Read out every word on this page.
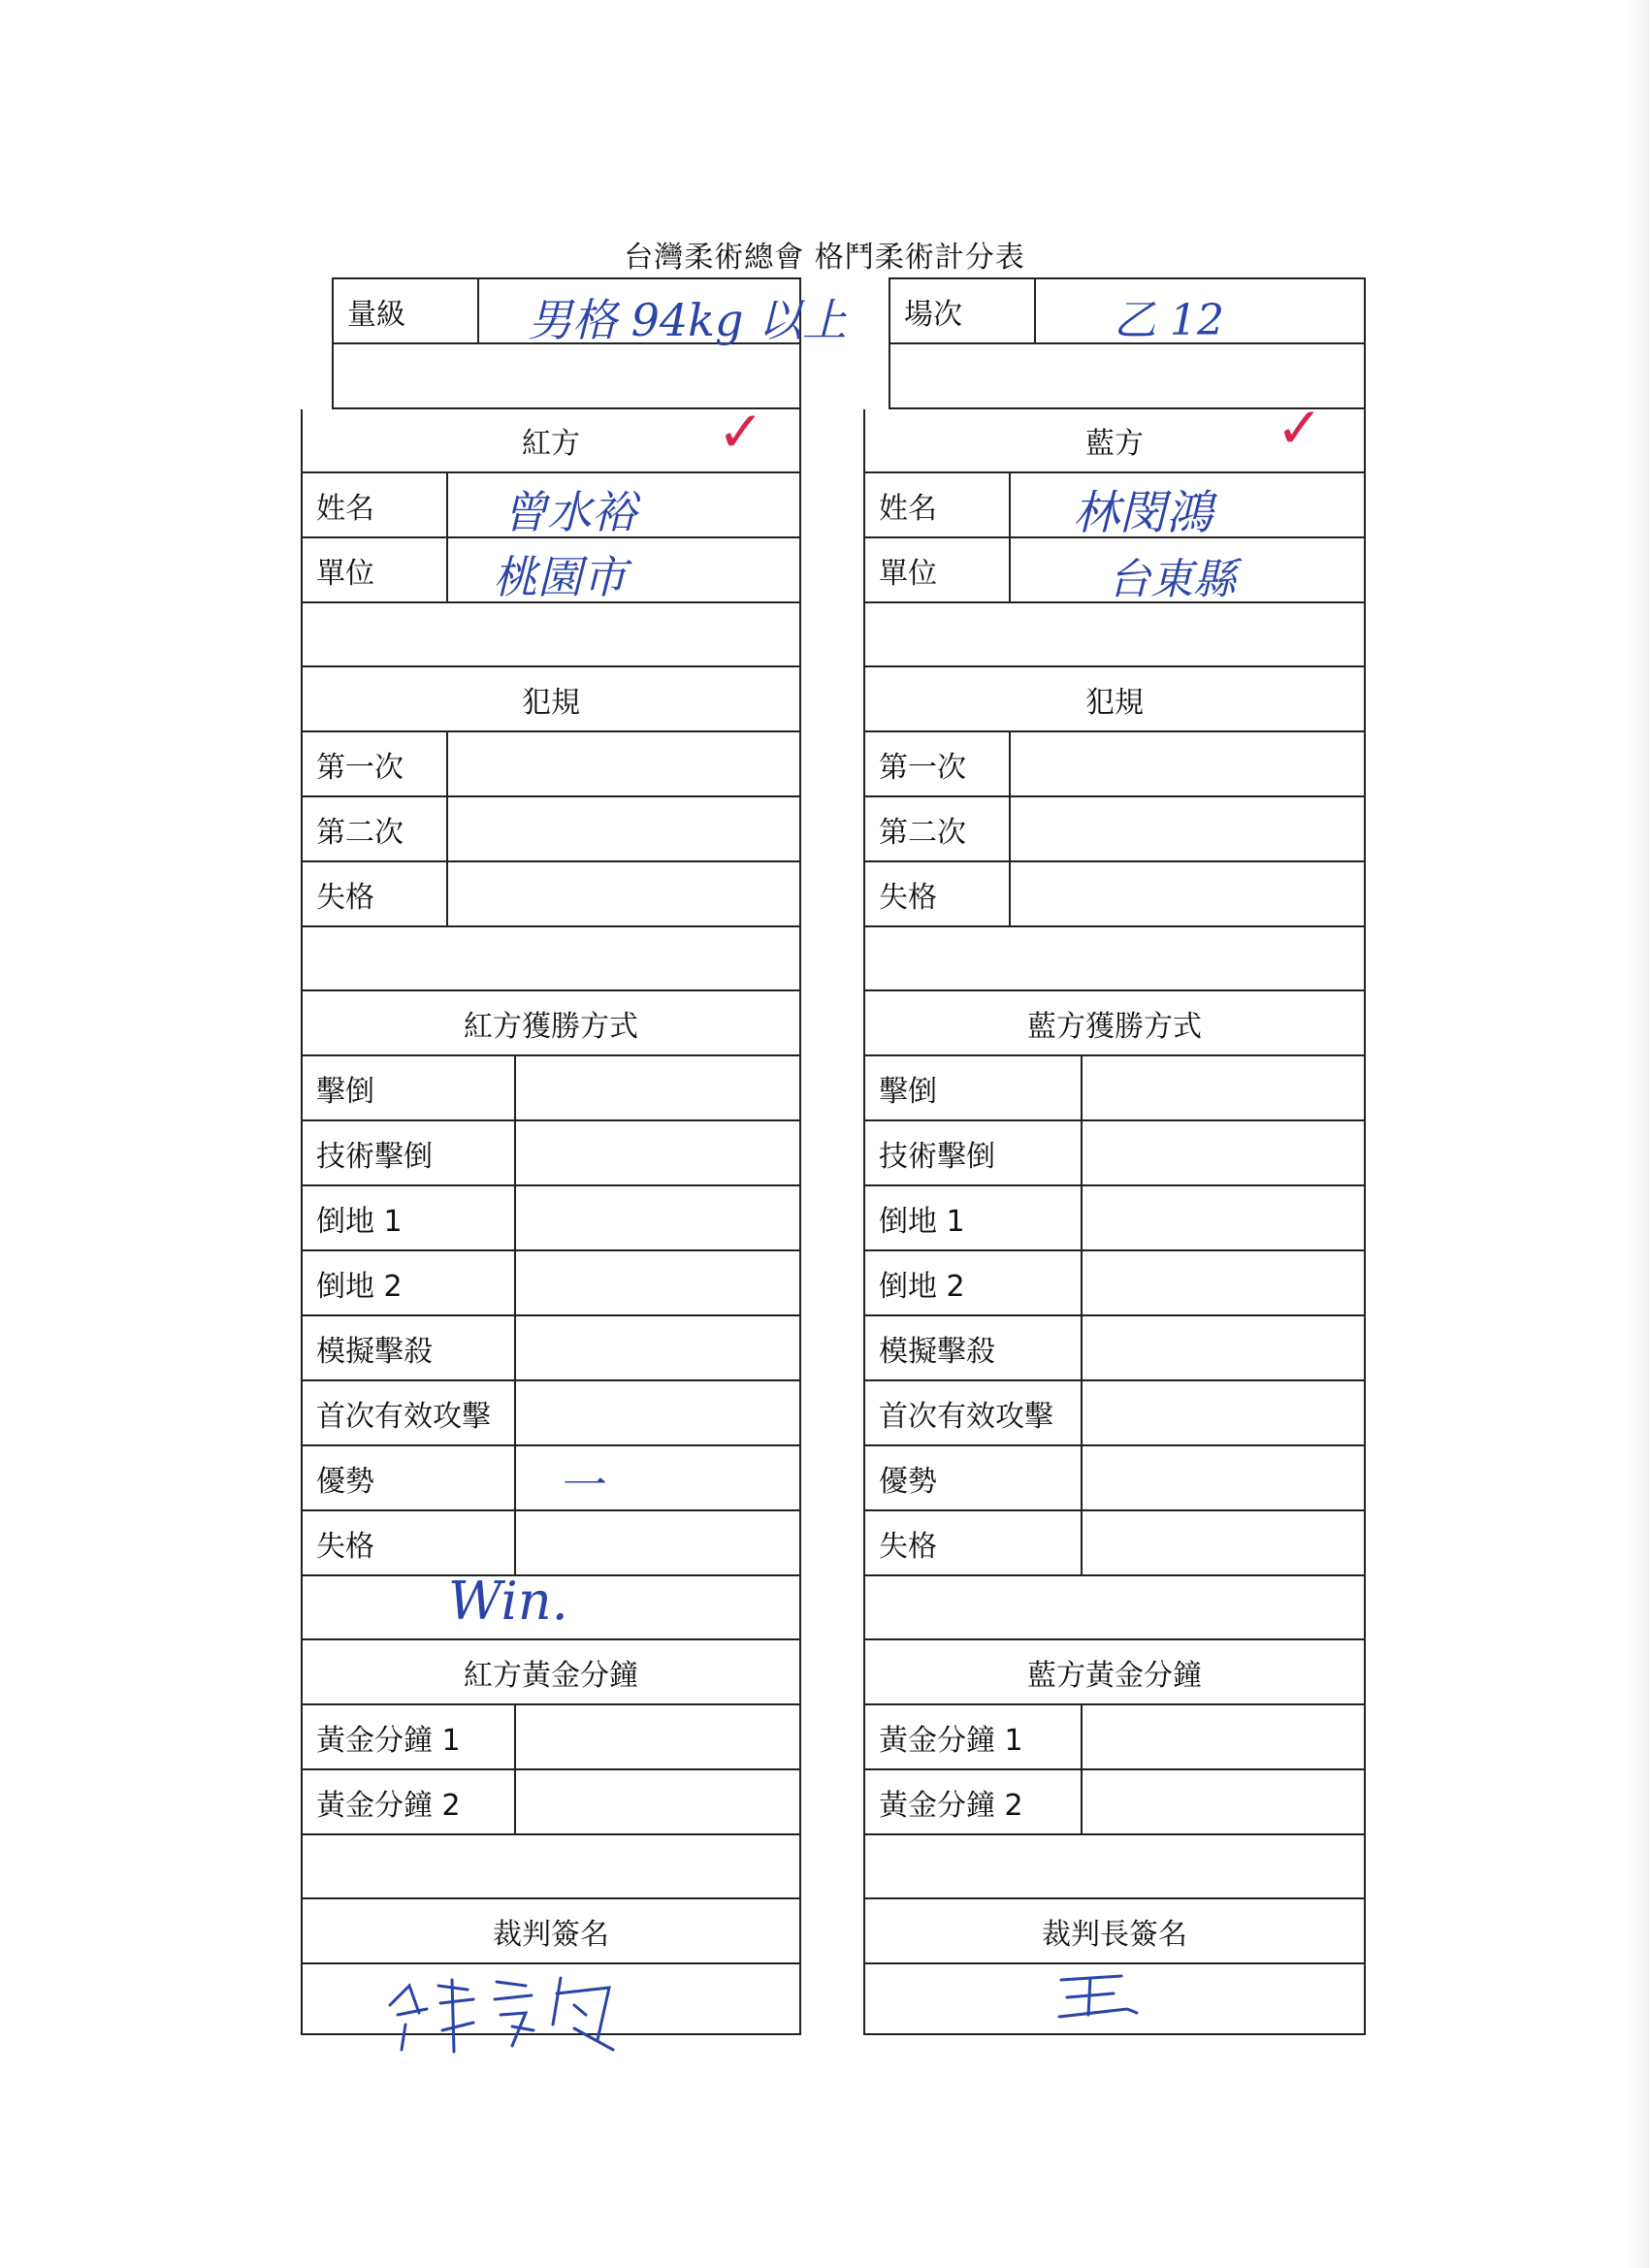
台灣柔術總會 格鬥柔術計分表
量級	男格 94kg 以上	場次	乙 12
紅方 ✓
姓名	曾水裕
單位	桃園市
犯規
第一次
第二次
失格
紅方獲勝方式
擊倒
技術擊倒
倒地 1
倒地 2
模擬擊殺
首次有效攻擊
優勢	一
失格
Win.
紅方黃金分鐘
黃金分鐘 1
黃金分鐘 2
裁判簽名
藍方 ✓
姓名	林閔鴻
單位	台東縣
犯規
第一次
第二次
失格
藍方獲勝方式
擊倒
技術擊倒
倒地 1
倒地 2
模擬擊殺
首次有效攻擊
優勢
失格
藍方黃金分鐘
黃金分鐘 1
黃金分鐘 2
裁判長簽名
